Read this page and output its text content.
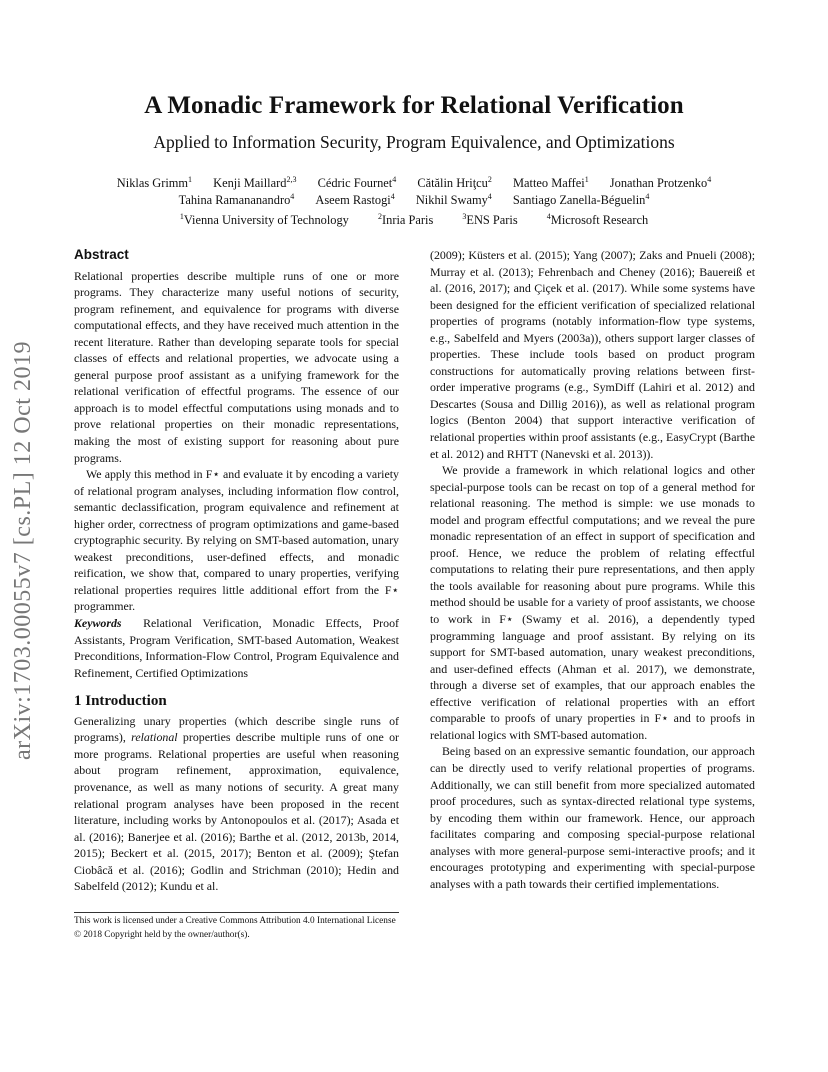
arXiv:1703.00055v7 [cs.PL] 12 Oct 2019
A Monadic Framework for Relational Verification
Applied to Information Security, Program Equivalence, and Optimizations
Niklas Grimm$^1$ Kenji Maillard$^{2,3}$ Cédric Fournet$^4$ Cătălin Hriţcu$^2$ Matteo Maffei$^1$ Jonathan Protzenko$^4$
Tahina Ramananandro$^4$ Aseem Rastogi$^4$ Nikhil Swamy$^4$ Santiago Zanella-Béguelin$^4$
$^1$Vienna University of Technology	$^2$Inria Paris	$^3$ENS Paris	$^4$Microsoft Research
Abstract

Relational properties describe multiple runs of one or more programs. They characterize many useful notions of security, program refinement, and equivalence for programs with diverse computational effects, and they have received much attention in the recent literature. Rather than developing separate tools for special classes of effects and relational properties, we advocate using a general purpose proof assistant as a unifying framework for the relational verification of effectful programs. The essence of our approach is to model effectful computations using monads and to prove relational properties on their monadic representations, making the most of existing support for reasoning about pure programs.

We apply this method in F⋆ and evaluate it by encoding a variety of relational program analyses, including information flow control, semantic declassification, program equivalence and refinement at higher order, correctness of program optimizations and game-based cryptographic security. By relying on SMT-based automation, unary weakest preconditions, user-defined effects, and monadic reification, we show that, compared to unary properties, verifying relational properties requires little additional effort from the F⋆ programmer.

Keywords Relational Verification, Monadic Effects, Proof Assistants, Program Verification, SMT-based Automation, Weakest Preconditions, Information-Flow Control, Program Equivalence and Refinement, Certified Optimizations

1 Introduction

Generalizing unary properties (which describe single runs of programs), relational properties describe multiple runs of one or more programs. Relational properties are useful when reasoning about program refinement, approximation, equivalence, provenance, as well as many notions of security. A great many relational program analyses have been proposed in the recent literature, including works by Antonopoulos et al. (2017); Asada et al. (2016); Banerjee et al. (2016); Barthe et al. (2012, 2013b, 2014, 2015); Beckert et al. (2015, 2017); Benton et al. (2009); Ştefan Ciobâcă et al. (2016); Godlin and Strichman (2010); Hedin and Sabelfeld (2012); Kundu et al.

(2009); Küsters et al. (2015); Yang (2007); Zaks and Pnueli (2008); Murray et al. (2013); Fehrenbach and Cheney (2016); Bauereiß et al. (2016, 2017); and Çiçek et al. (2017). While some systems have been designed for the efficient verification of specialized relational properties of programs (notably information-flow type systems, e.g., Sabelfeld and Myers (2003a)), others support larger classes of properties. These include tools based on product program constructions for automatically proving relations between first-order imperative programs (e.g., SymDiff (Lahiri et al. 2012) and Descartes (Sousa and Dillig 2016)), as well as relational program logics (Benton 2004) that support interactive verification of relational properties within proof assistants (e.g., EasyCrypt (Barthe et al. 2012) and RHTT (Nanevski et al. 2013)).

We provide a framework in which relational logics and other special-purpose tools can be recast on top of a general method for relational reasoning. The method is simple: we use monads to model and program effectful computations; and we reveal the pure monadic representation of an effect in support of specification and proof. Hence, we reduce the problem of relating effectful computations to relating their pure representations, and then apply the tools available for reasoning about pure programs. While this method should be usable for a variety of proof assistants, we choose to work in F⋆ (Swamy et al. 2016), a dependently typed programming language and proof assistant. By relying on its support for SMT-based automation, unary weakest preconditions, and user-defined effects (Ahman et al. 2017), we demonstrate, through a diverse set of examples, that our approach enables the effective verification of relational properties with an effort comparable to proofs of unary properties in F⋆ and to proofs in relational logics with SMT-based automation.

Being based on an expressive semantic foundation, our approach can be directly used to verify relational properties of programs. Additionally, we can still benefit from more specialized automated proof procedures, such as syntax-directed relational type systems, by encoding them within our framework. Hence, our approach facilitates comparing and composing special-purpose relational analyses with more general-purpose semi-interactive proofs; and it encourages prototyping and experimenting with special-purpose analyses with a path towards their certified implementations.

This work is licensed under a Creative Commons Attribution 4.0 International License
© 2018 Copyright held by the owner/author(s).
